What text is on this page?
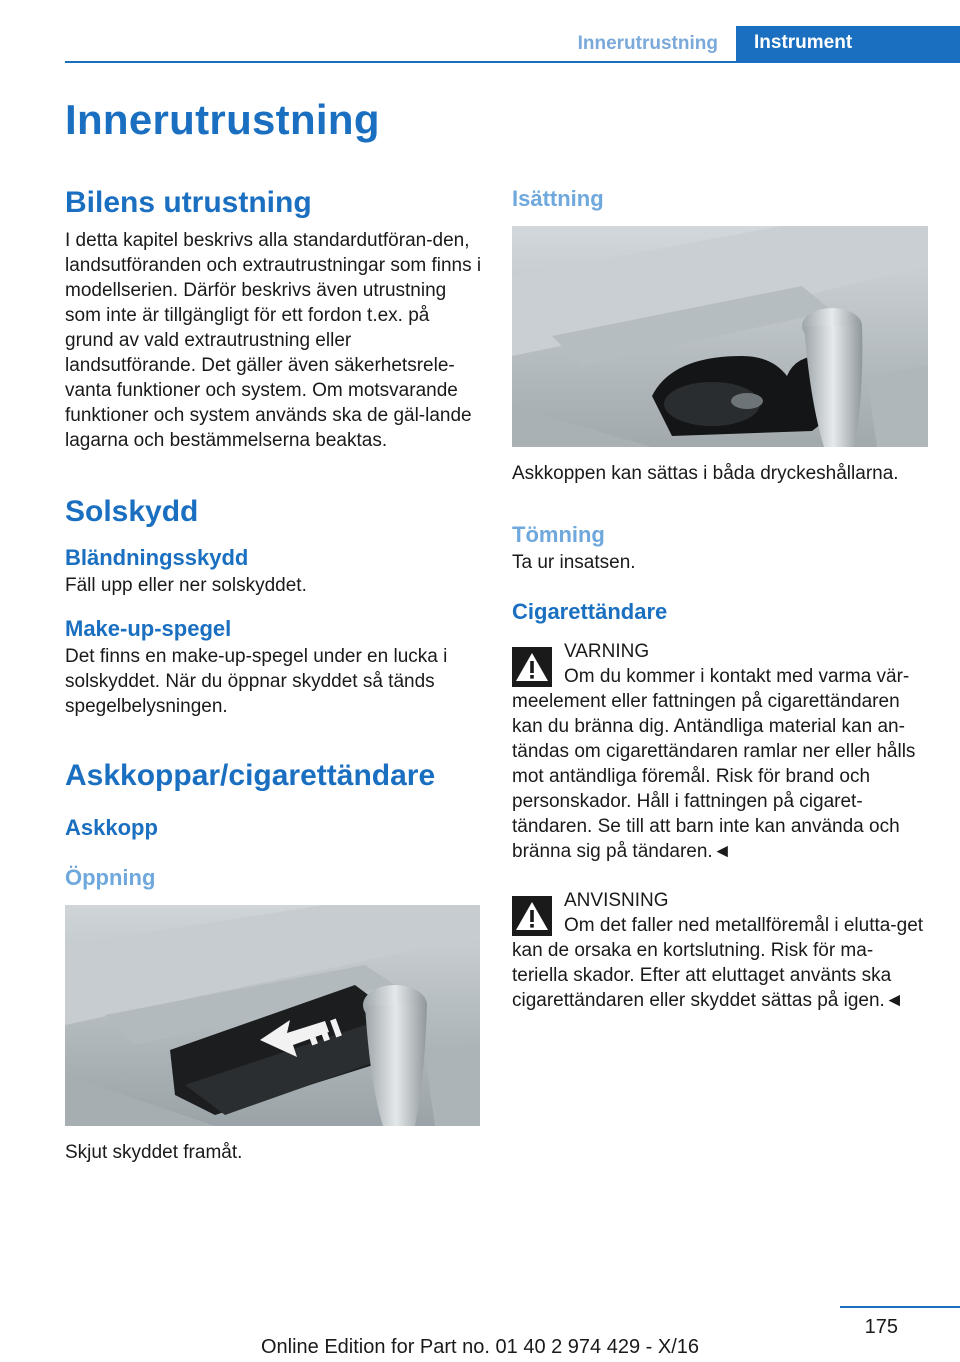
Innerutrustning	Instrument
Innerutrustning
Bilens utrustning
I detta kapitel beskrivs alla standardutföran-den, landsutföranden och extrautrustningar som finns i modellserien. Därför beskrivs även utrustning som inte är tillgängligt för ett fordon t.ex. på grund av vald extrautrustning eller landsutförande. Det gäller även säkerhetsrele-vanta funktioner och system. Om motsvarande funktioner och system används ska de gäl-lande lagarna och bestämmelserna beaktas.
Solskydd
Bländningsskydd
Fäll upp eller ner solskyddet.
Make-up-spegel
Det finns en make-up-spegel under en lucka i solskyddet. När du öppnar skyddet så tänds spegelbelysningen.
Askkoppar/cigarettändare
Askkopp
Öppning
Skjut skyddet framåt.
Isättning
Askkoppen kan sättas i båda dryckeshållarna.
Tömning
Ta ur insatsen.
Cigarettändare
VARNING
Om du kommer i kontakt med varma vär-meelement eller fattningen på cigarettändaren kan du bränna dig. Antändliga material kan an-tändas om cigarettändaren ramlar ner eller hålls mot antändliga föremål. Risk för brand och personskador. Håll i fattningen på cigaret-tändaren. Se till att barn inte kan använda och bränna sig på tändaren.◄
ANVISNING
Om det faller ned metallföremål i elutta-get kan de orsaka en kortslutning. Risk för ma-teriella skador. Efter att eluttaget använts ska cigarettändaren eller skyddet sättas på igen.◄
175
Online Edition for Part no. 01 40 2 974 429 - X/16
